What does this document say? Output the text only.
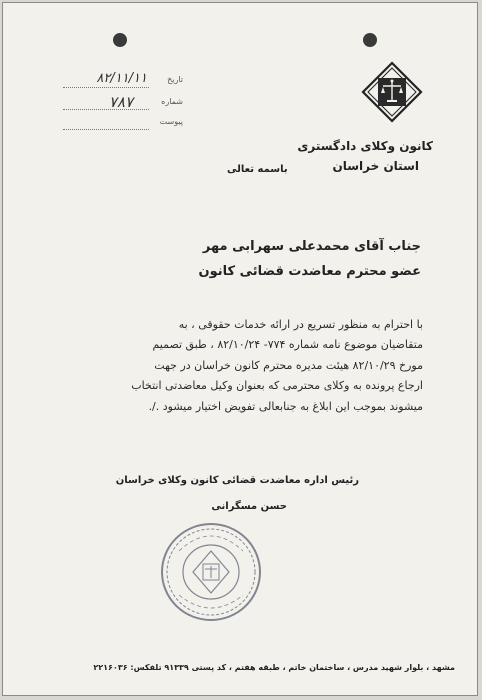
تاریخ
۸۲/۱۱/۱۱
شماره
۷۸۷
پیوست
کانون وکلای دادگستری
استان خراسان
باسمه تعالی
جناب آقای محمدعلی سهرابی مهر
عضو محترم معاضدت قضائی کانون

با احترام به منظور تسریع در ارائه خدمات حقوقی ، به

متقاضیان موضوع نامه شماره ۷۷۴- ۸۲/۱۰/۲۴ ، طبق تصمیم

مورخ ۸۲/۱۰/۲۹ هیئت مدیره محترم کانون خراسان در جهت

ارجاع پرونده به وکلای محترمی که بعنوان وکیل معاضدتی انتخاب

میشوند بموجب این ابلاغ به جنابعالی تفویض اختیار میشود ./.

رئیس اداره معاضدت قضائی کانون وکلای خراسان
حسن مسگرانی
مشهد ، بلوار شهید مدرس ، ساختمان خاتم ، طبقه هفتم ، کد پستی ۹۱۳۳۹ تلفکس: ۲۲۱۶۰۳۶
